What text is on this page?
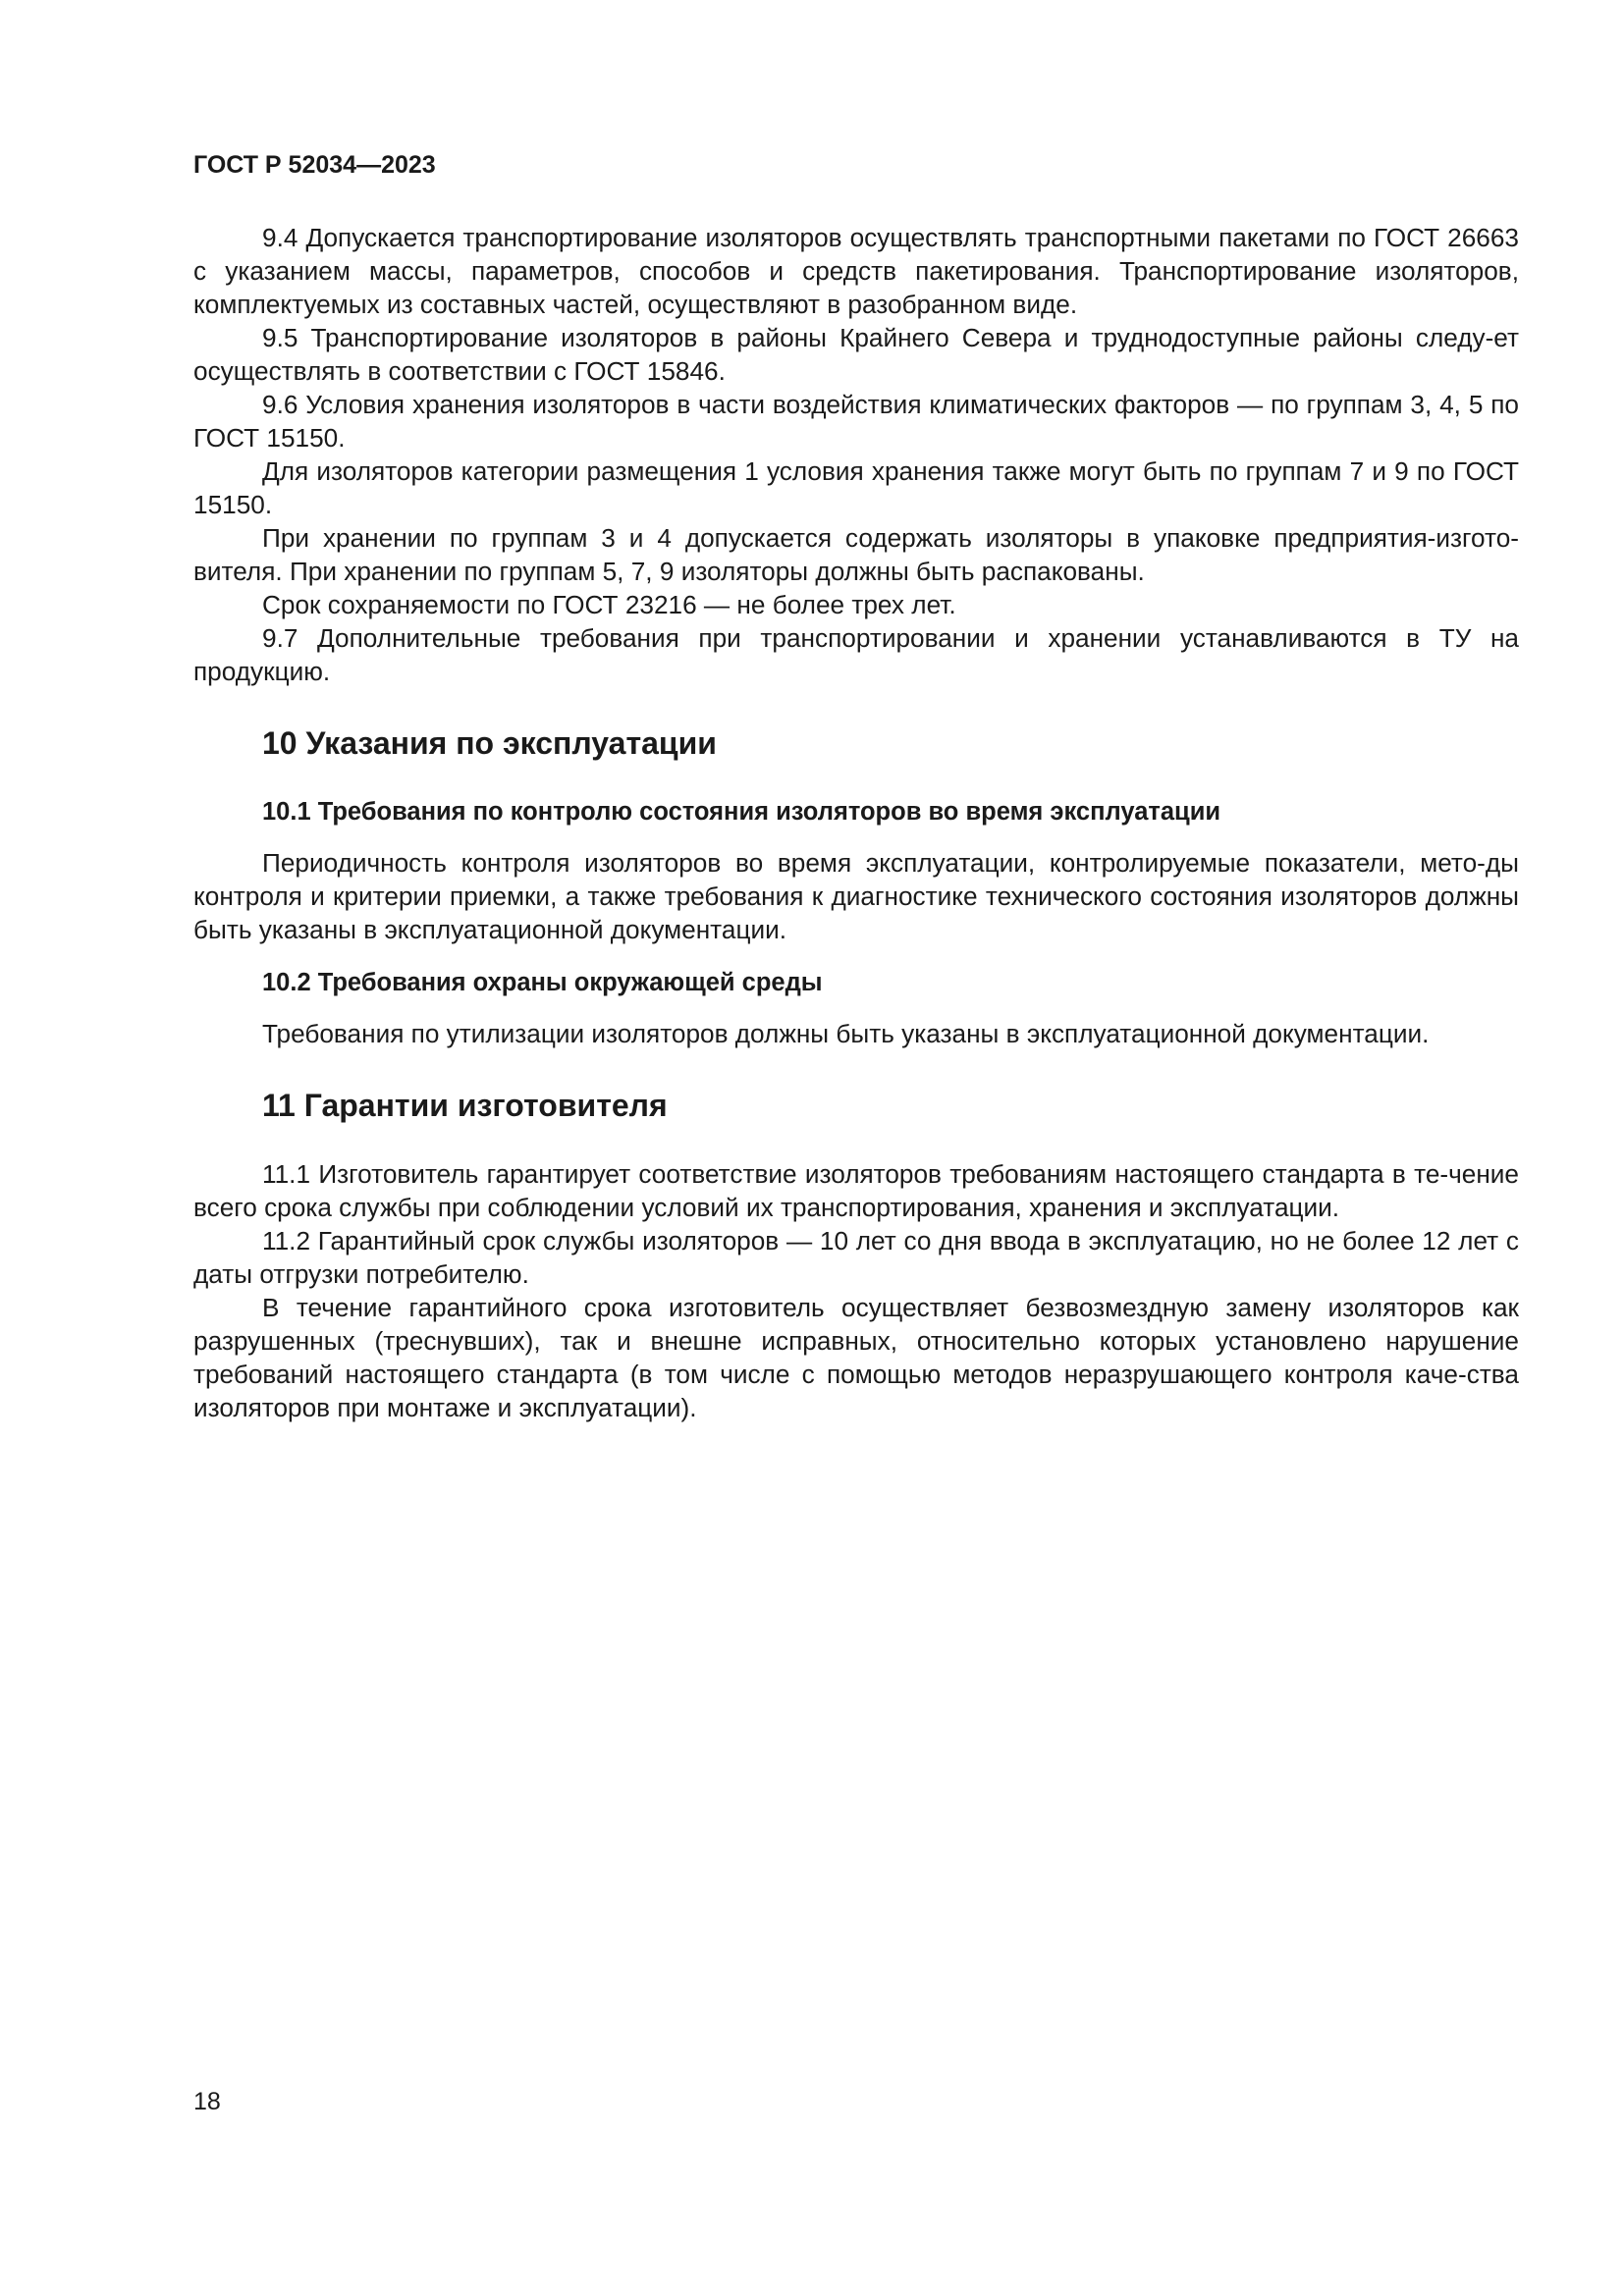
ГОСТ Р 52034—2023

9.4 Допускается транспортирование изоляторов осуществлять транспортными пакетами по ГОСТ 26663 с указанием массы, параметров, способов и средств пакетирования. Транспортирование изоляторов, комплектуемых из составных частей, осуществляют в разобранном виде.

9.5 Транспортирование изоляторов в районы Крайнего Севера и труднодоступные районы следу-ет осуществлять в соответствии с ГОСТ 15846.

9.6 Условия хранения изоляторов в части воздействия климатических факторов — по группам 3, 4, 5 по ГОСТ 15150.

Для изоляторов категории размещения 1 условия хранения также могут быть по группам 7 и 9 по ГОСТ 15150.

При хранении по группам 3 и 4 допускается содержать изоляторы в упаковке предприятия-изгото-вителя. При хранении по группам 5, 7, 9 изоляторы должны быть распакованы.

Срок сохраняемости по ГОСТ 23216 — не более трех лет.

9.7 Дополнительные требования при транспортировании и хранении устанавливаются в ТУ на продукцию.

10 Указания по эксплуатации
10.1 Требования по контролю состояния изоляторов во время эксплуатации

Периодичность контроля изоляторов во время эксплуатации, контролируемые показатели, мето-ды контроля и критерии приемки, а также требования к диагностике технического состояния изоляторов должны быть указаны в эксплуатационной документации.

10.2 Требования охраны окружающей среды

Требования по утилизации изоляторов должны быть указаны в эксплуатационной документации.

11 Гарантии изготовителя

11.1 Изготовитель гарантирует соответствие изоляторов требованиям настоящего стандарта в те-чение всего срока службы при соблюдении условий их транспортирования, хранения и эксплуатации.

11.2 Гарантийный срок службы изоляторов — 10 лет со дня ввода в эксплуатацию, но не более 12 лет с даты отгрузки потребителю.

В течение гарантийного срока изготовитель осуществляет безвозмездную замену изоляторов как разрушенных (треснувших), так и внешне исправных, относительно которых установлено нарушение требований настоящего стандарта (в том числе с помощью методов неразрушающего контроля каче-ства изоляторов при монтаже и эксплуатации).

18
